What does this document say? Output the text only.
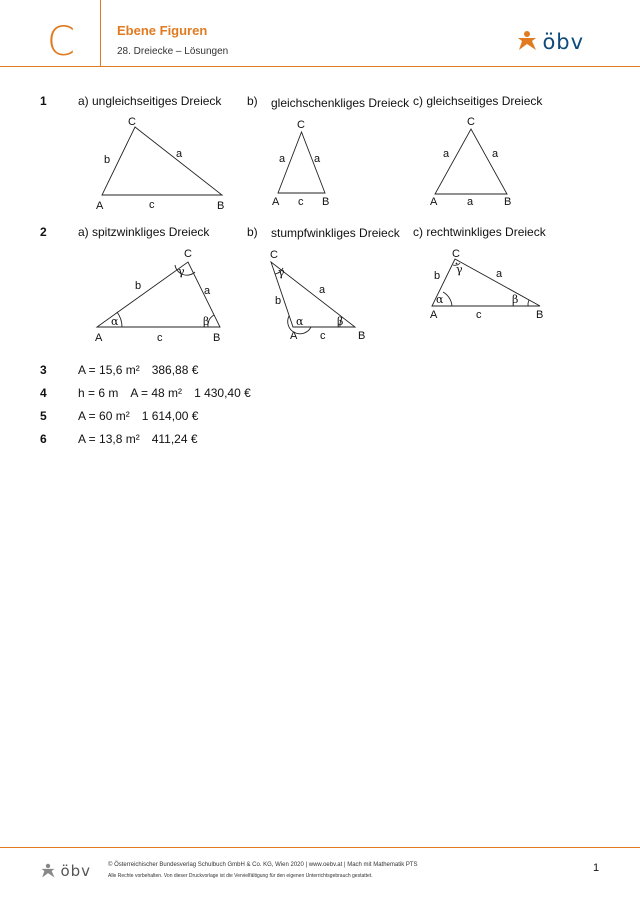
C	Ebene Figuren
28. Dreiecke – Lösungen	öbv
1	a) ungleichseitiges Dreieck b) gleichschenkliges Dreieck c) gleichseitiges Dreieck
2	a) spitzwinkliges Dreieck	b) stumpfwinkliges Dreieck c) rechtwinkliges Dreieck
C
A	B
b	a
c
C
a	a
A c B
C
a	a
A	a	B
C
b	a
A	c	B
α	β
γ
C
γ
b
a
α	β
A c	B
C
γ
b	a
α	β
A	c	B
3	A = 15,6 m² 386,88 €
4	h = 6 m A = 48 m² 1 430,40 €
5	A = 60 m² 1 614,00 €
6	A = 13,8 m² 411,24 €
öbv	© Österreichischer Bundesverlag Schulbuch GmbH & Co. KG, Wien 2020 | www.oebv.at | Mach mit Mathematik PTS
Alle Rechte vorbehalten. Von dieser Druckvorlage ist die Vervielfältigung für den eigenen Unterrichtsgebrauch gestattet.
1
